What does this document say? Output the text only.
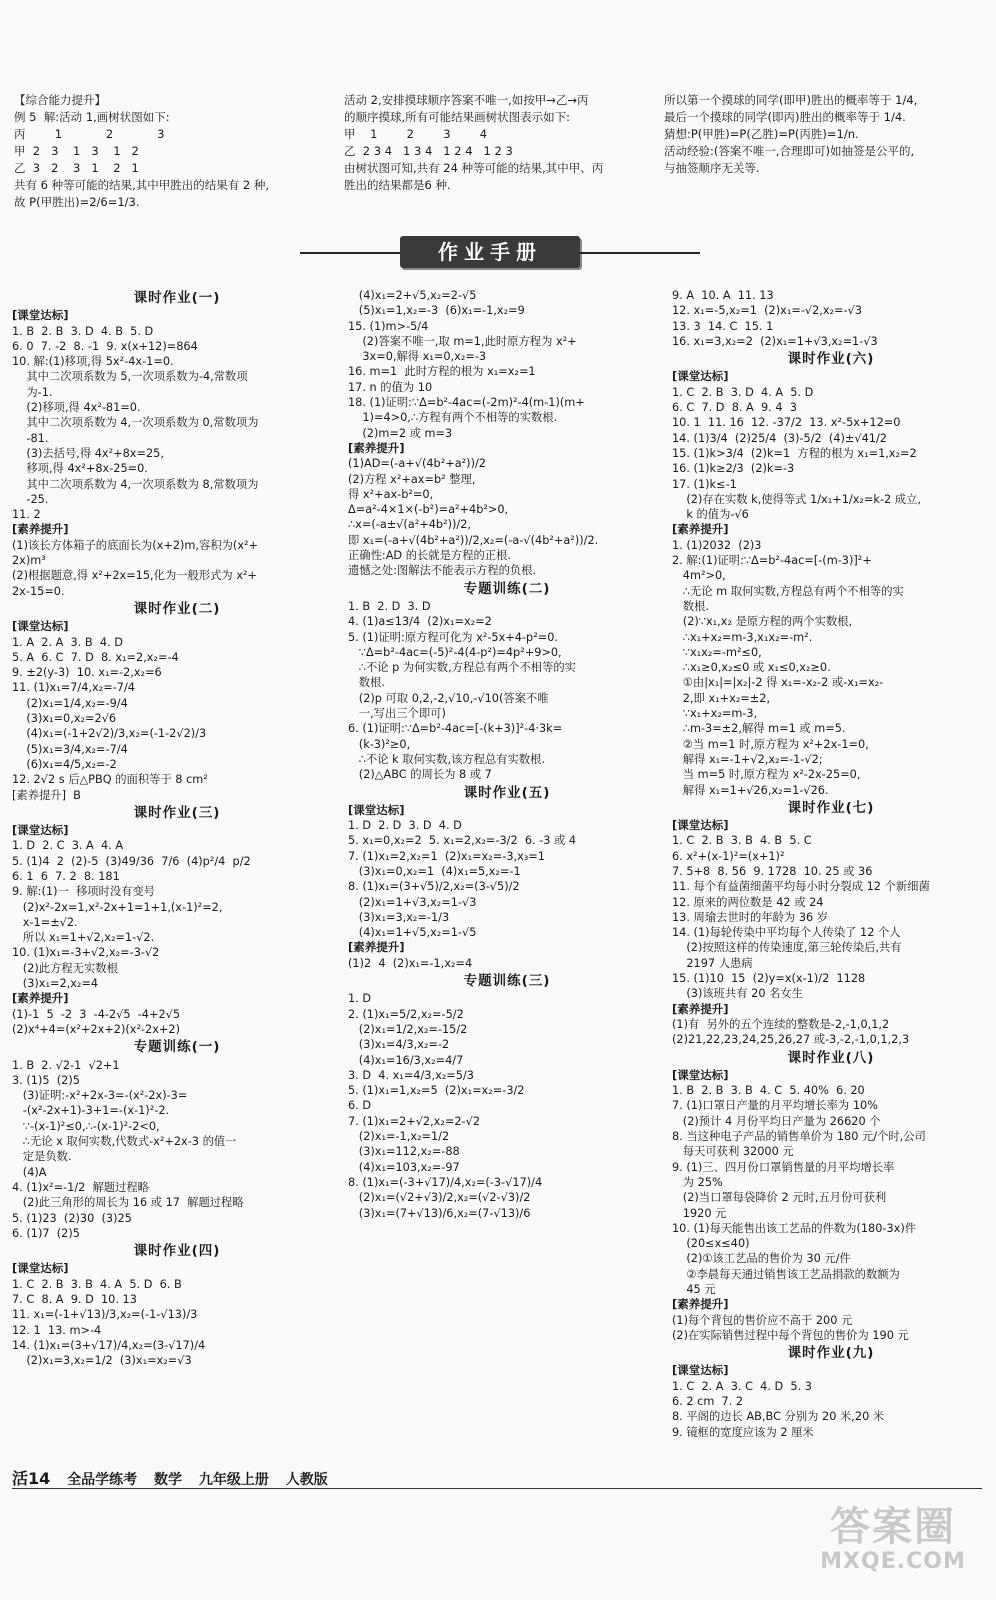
【综合能力提升】
例 5  解:活动 1,画树状图如下:
丙        1            2            3
甲  2   3    1   3    1   2
乙  3   2    3   1    2   1
共有 6 种等可能的结果,其中甲胜出的结果有 2 种,
故 P(甲胜出)=2/6=1/3.
活动 2,安排摸球顺序答案不唯一,如按甲→乙→丙
的顺序摸球,所有可能结果画树状图表示如下:
甲    1        2        3        4
乙  2 3 4   1 3 4   1 2 4   1 2 3
由树状图可知,共有 24 种等可能的结果,其中甲、丙
胜出的结果都是6 种.
所以第一个摸球的同学(即甲)胜出的概率等于 1/4,
最后一个摸球的同学(即丙)胜出的概率等于 1/4.
猜想:P(甲胜)=P(乙胜)=P(丙胜)=1/n.
活动经验:(答案不唯一,合理即可)如抽签是公平的,
与抽签顺序无关等.
作业手册
课时作业(一)
[课堂达标]
1. B  2. B  3. D  4. B  5. D
6. 0  7. -2  8. -1  9. x(x+12)=864
10. 解:(1)移项,得 5x²-4x-1=0.
其中二次项系数为 5,一次项系数为-4,常数项
为-1.
(2)移项,得 4x²-81=0.
其中二次项系数为 4,一次项系数为 0,常数项为
-81.
(3)去括号,得 4x²+8x=25,
移项,得 4x²+8x-25=0.
其中二次项系数为 4,一次项系数为 8,常数项为
-25.
11. 2
[素养提升]
(1)该长方体箱子的底面长为(x+2)m,容积为(x²+
2x)m³
(2)根据题意,得 x²+2x=15,化为一般形式为 x²+
2x-15=0.
课时作业(二)
[课堂达标]
1. A  2. A  3. B  4. D
5. A  6. C  7. D  8. x₁=2,x₂=-4
9. ±2(y-3)  10. x₁=-2,x₂=6
11. (1)x₁=7/4,x₂=-7/4
(2)x₁=1/4,x₂=-9/4
(3)x₁=0,x₂=2√6
(4)x₁=(-1+2√2)/3,x₂=(-1-2√2)/3
(5)x₁=3/4,x₂=-7/4
(6)x₁=4/5,x₂=-2
12. 2√2 s 后△PBQ 的面积等于 8 cm²
[素养提升]  B
课时作业(三)
[课堂达标]
1. D  2. C  3. A  4. A
5. (1)4  2  (2)-5  (3)49/36  7/6  (4)p²/4  p/2
6. 1  6  7. 2  8. 181
9. 解:(1)一  移项时没有变号
(2)x²-2x=1,x²-2x+1=1+1,(x-1)²=2,
x-1=±√2.
所以 x₁=1+√2,x₂=1-√2.
10. (1)x₁=-3+√2,x₂=-3-√2
(2)此方程无实数根
(3)x₁=2,x₂=4
[素养提升]
(1)-1  5  -2  3  -4-2√5  -4+2√5
(2)x⁴+4=(x²+2x+2)(x²-2x+2)
专题训练(一)
1. B  2. √2-1  √2+1
3. (1)5  (2)5
(3)证明:-x²+2x-3=-(x²-2x)-3=
-(x²-2x+1)-3+1=-(x-1)²-2.
∵-(x-1)²≤0,∴-(x-1)²-2<0,
∴无论 x 取何实数,代数式-x²+2x-3 的值一
定是负数.
(4)A
4. (1)x²=-1/2  解题过程略
(2)此三角形的周长为 16 或 17  解题过程略
5. (1)23  (2)30  (3)25
6. (1)7  (2)5
课时作业(四)
[课堂达标]
1. C  2. B  3. B  4. A  5. D  6. B
7. C  8. A  9. D  10. 13
11. x₁=(-1+√13)/3,x₂=(-1-√13)/3
12. 1  13. m>-4
14. (1)x₁=(3+√17)/4,x₂=(3-√17)/4
(2)x₁=3,x₂=1/2  (3)x₁=x₂=√3
(4)x₁=2+√5,x₂=2-√5
(5)x₁=1,x₂=-3  (6)x₁=-1,x₂=9
15. (1)m>-5/4
(2)答案不唯一,取 m=1,此时原方程为 x²+
3x=0,解得 x₁=0,x₂=-3
16. m=1  此时方程的根为 x₁=x₂=1
17. n 的值为 10
18. (1)证明:∵Δ=b²-4ac=(-2m)²-4(m-1)(m+
1)=4>0,∴方程有两个不相等的实数根.
(2)m=2 或 m=3
[素养提升]
(1)AD=(-a+√(4b²+a²))/2
(2)方程 x²+ax=b² 整理,
得 x²+ax-b²=0,
Δ=a²-4×1×(-b²)=a²+4b²>0,
∴x=(-a±√(a²+4b²))/2,
即 x₁=(-a+√(4b²+a²))/2,x₂=(-a-√(4b²+a²))/2.
正确性:AD 的长就是方程的正根.
遗憾之处:图解法不能表示方程的负根.
专题训练(二)
1. B  2. D  3. D
4. (1)a≤13/4  (2)x₁=x₂=2
5. (1)证明:原方程可化为 x²-5x+4-p²=0.
∵Δ=b²-4ac=(-5)²-4(4-p²)=4p²+9>0,
∴不论 p 为何实数,方程总有两个不相等的实
数根.
(2)p 可取 0,2,-2,√10,-√10(答案不唯
一,写出三个即可)
6. (1)证明:∵Δ=b²-4ac=[-(k+3)]²-4·3k=
(k-3)²≥0,
∴不论 k 取何实数,该方程总有实数根.
(2)△ABC 的周长为 8 或 7
课时作业(五)
[课堂达标]
1. D  2. D  3. D  4. D
5. x₁=0,x₂=2  5. x₁=2,x₂=-3/2  6. -3 或 4
7. (1)x₁=2,x₂=1  (2)x₁=x₂=-3,x₃=1
(3)x₁=0,x₂=1  (4)x₁=5,x₂=-1
8. (1)x₁=(3+√5)/2,x₂=(3-√5)/2
(2)x₁=1+√3,x₂=1-√3
(3)x₁=3,x₂=-1/3
(4)x₁=1+√5,x₂=1-√5
[素养提升]
(1)2  4  (2)x₁=-1,x₂=4
专题训练(三)
1. D
2. (1)x₁=5/2,x₂=-5/2
(2)x₁=1/2,x₂=-15/2
(3)x₁=4/3,x₂=-2
(4)x₁=16/3,x₂=4/7
3. D  4. x₁=4/3,x₂=5/3
5. (1)x₁=1,x₂=5  (2)x₁=x₂=-3/2
6. D
7. (1)x₁=2+√2,x₂=2-√2
(2)x₁=-1,x₂=1/2
(3)x₁=112,x₂=-88
(4)x₁=103,x₂=-97
8. (1)x₁=(-3+√17)/4,x₂=(-3-√17)/4
(2)x₁=(√2+√3)/2,x₂=(√2-√3)/2
(3)x₁=(7+√13)/6,x₂=(7-√13)/6
9. A  10. A  11. 13
12. x₁=-5,x₂=1  (2)x₁=-√2,x₂=-√3
13. 3  14. C  15. 1
16. x₁=3,x₂=2  (2)x₁=1+√3,x₂=1-√3
课时作业(六)
[课堂达标]
1. C  2. B  3. D  4. A  5. D
6. C  7. D  8. A  9. 4  3
10. 1  11. 16  12. -37/2  13. x²-5x+12=0
14. (1)3/4  (2)25/4  (3)-5/2  (4)±√41/2
15. (1)k>3/4  (2)k=1  方程的根为 x₁=1,x₂=2
16. (1)k≥2/3  (2)k=-3
17. (1)k≤-1
(2)存在实数 k,使得等式 1/x₁+1/x₂=k-2 成立,
k 的值为-√6
[素养提升]
1. (1)2032  (2)3
2. 解:(1)证明:∵Δ=b²-4ac=[-(m-3)]²+
4m²>0,
∴无论 m 取何实数,方程总有两个不相等的实
数根.
(2)∵x₁,x₂ 是原方程的两个实数根,
∴x₁+x₂=m-3,x₁x₂=-m².
∵x₁x₂=-m²≤0,
∴x₁≥0,x₂≤0 或 x₁≤0,x₂≥0.
①由|x₁|=|x₂|-2 得 x₁=-x₂-2 或-x₁=x₂-
2,即 x₁+x₂=±2,
∵x₁+x₂=m-3,
∴m-3=±2,解得 m=1 或 m=5.
②当 m=1 时,原方程为 x²+2x-1=0,
解得 x₁=-1+√2,x₂=-1-√2;
当 m=5 时,原方程为 x²-2x-25=0,
解得 x₁=1+√26,x₂=1-√26.
课时作业(七)
[课堂达标]
1. C  2. B  3. B  4. B  5. C
6. x²+(x-1)²=(x+1)²
7. 5+8  8. 56  9. 1728  10. 25 或 36
11. 每个有益菌细菌平均每小时分裂成 12 个新细菌
12. 原来的两位数是 42 或 24
13. 周瑜去世时的年龄为 36 岁
14. (1)每轮传染中平均每个人传染了 12 个人
(2)按照这样的传染速度,第三轮传染后,共有
2197 人患病
15. (1)10  15  (2)y=x(x-1)/2  1128
(3)该班共有 20 名女生
[素养提升]
(1)有  另外的五个连续的整数是-2,-1,0,1,2
(2)21,22,23,24,25,26,27 或-3,-2,-1,0,1,2,3
课时作业(八)
[课堂达标]
1. B  2. B  3. B  4. C  5. 40%  6. 20
7. (1)口罩日产量的月平均增长率为 10%
(2)预计 4 月份平均日产量为 26620 个
8. 当这种电子产品的销售单价为 180 元/个时,公司
每天可获利 32000 元
9. (1)三、四月份口罩销售量的月平均增长率
为 25%
(2)当口罩每袋降价 2 元时,五月份可获利
1920 元
10. (1)每天能售出该工艺品的件数为(180-3x)件
(20≤x≤40)
(2)①该工艺品的售价为 30 元/件
②李晨每天通过销售该工艺品捐款的数额为
45 元
[素养提升]
(1)每个背包的售价应不高于 200 元
(2)在实际销售过程中每个背包的售价为 190 元
课时作业(九)
[课堂达标]
1. C  2. A  3. C  4. D  5. 3
6. 2 cm  7. 2
8. 平阁的边长 AB,BC 分别为 20 米,20 米
9. 镜框的宽度应该为 2 厘米
活14 全品学练考 数学 九年级上册 人教版
答案圈
MXQE.COM
